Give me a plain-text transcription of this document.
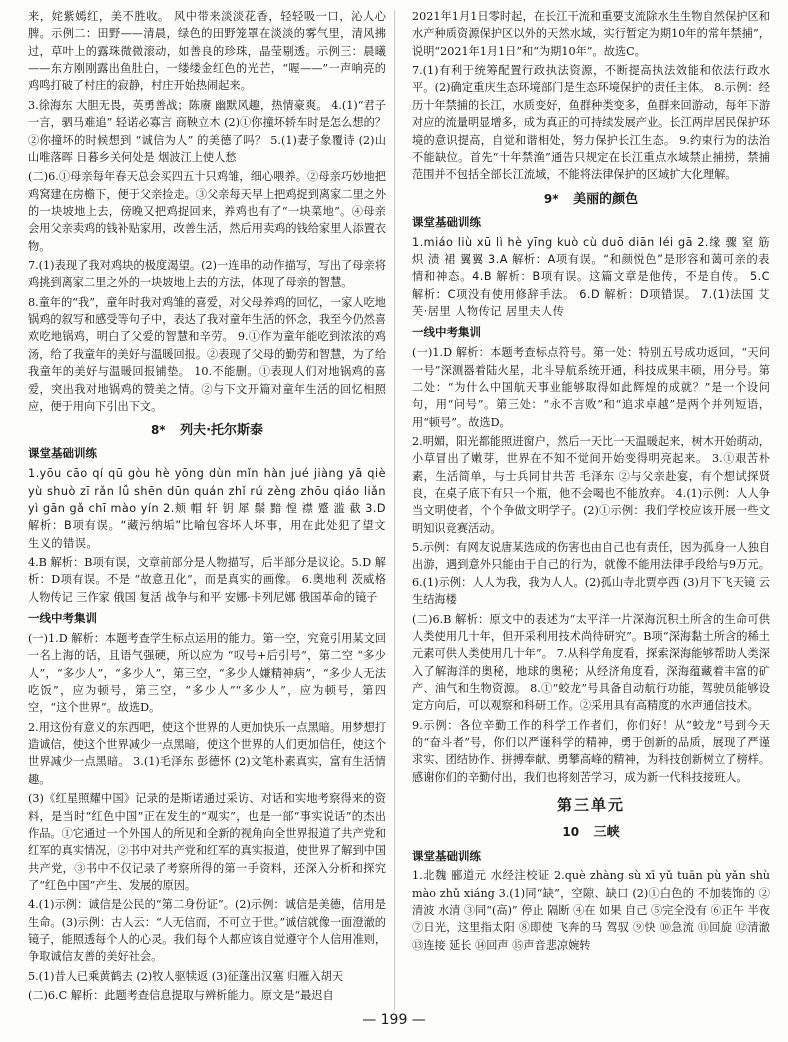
来，姹紫嫣红，美不胜收。 风中带来淡淡花香，轻轻吸一口，沁人心脾。示例二：田野——清晨，绿色的田野笼罩在淡淡的雾气里，清风拂过，草叶上的露珠微微滚动，如善良的珍珠，晶莹剔透。示例三：晨曦——东方刚刚露出鱼肚白，一缕缕金红色的光芒，“喔——”一声响亮的鸡鸣打破了村庄的寂静，村庄开始热闹起来。

3.徐海东 大胆无畏，英勇善战；陈赓 幽默风趣，热情豪爽。 4.(1)“君子一言，驷马难追” 轻诺必寡言 商鞅立木 (2)①你撞坏轿车时是怎么想的？②你撞坏的时候想到 “诚信为人” 的美德了吗？ 5.(1)妻子象覆诗 (2)山山唯落晖 日暮乡关何处是 烟波江上使人愁

(二)6.①母亲每年春天总会买四五十只鸡雏，细心喂养。②母亲巧妙地把鸡窝建在房檐下，便于父亲捡走。③父亲每天早上把鸡捉到离家二里之外的一块坡地上去，傍晚又把鸡捉回来，养鸡也有了“一块菜地”。④母亲会用父亲卖鸡的钱补贴家用，改善生活，然后用卖鸡的钱给家里人添置衣物。

7.(1)表现了我对鸡块的极度渴望。(2)一连串的动作描写，写出了母亲将鸡挑到离家二里之外的一块坡地上去的方法，体现了母亲的智慧。

8.童年的“我”，童年时我对鸡雏的喜爱，对父母养鸡的回忆，一家人吃地锅鸡的叙写和感受等句子中，表达了我对童年生活的怀念，我至今仍然喜欢吃地锅鸡，明白了父爱的智慧和辛劳。 9.①作为童年能吃到浓浓的鸡汤，给了我童年的美好与温暖回报。②表现了父母的勤劳和智慧，为了给我童年的美好与温暖回报铺垫。 10.不能删。①表现人们对地锅鸡的喜爱，突出我对地锅鸡的赞美之情。②与下文开篇对童年生活的回忆相照应，便于用向下引出下文。

8* 列夫·托尔斯泰
课堂基础训练

1.yōu cāo qí qū gòu hè yōng dùn mǐn hàn jué jiàng yā qiè yù shuò zī rǎn lǚ shēn dūn quán zhǐ rú zèng zhōu qiáo liǎn yì gān gǎ chī mào yín 2.颊 帽 轩 钥 犀 鬃 黯 惶 襟 蹙 滥 截 3.D 解析：B项有误。“藏污纳垢”比喻包容坏人坏事，用在此处犯了望文生义的错误。

4.B 解析：B项有误，文章前部分是人物描写，后半部分是议论。5.D 解析：D项有误。不是 “故意丑化”，而是真实的画像。 6.奥地利 茨威格 人物传记 三作家 俄国 复活 战争与和平 安娜·卡列尼娜 俄国革命的镜子

一线中考集训

(一)1.D 解析：本题考查学生标点运用的能力。第一空，究竟引用某文回一名上海的话，且语气强硬，所以应为 “叹号+后引号”，第二空 “多少人”，“多少人”，“多少人”，第三空，“多少人嫌精神病”，“多少人无法吃饭”，应为顿号，第三空，“多少人”“多少人”，应为顿号，第四空，“这个世界”。故选D。

2.用这份有意义的东西吧，使这个世界的人更加快乐一点黑暗。用梦想打造诚信，使这个世界减少一点黑暗，使这个世界的人们更加信任，使这个世界减少一点黑暗。 3.(1)毛泽东 彭德怀 (2)文笔朴素真实，富有生活情趣。

(3)《红星照耀中国》记录的是斯诺通过采访、对话和实地考察得来的资料，是当时“红色中国”正在发生的“观实”，也是一部“事实说话”的杰出作品。①它通过一个外国人的所见和全新的视角向全世界报道了共产党和红军的真实情况，②书中对共产党和红军的真实报道，使世界了解到中国共产党，③书中不仅记录了考察所得的第一手资料，还深入分析和探究了“红色中国”产生、发展的原因。

4.(1)示例：诚信是公民的“第二身份证”。(2)示例：诚信是美德，信用是生命。(3)示例：古人云：“人无信而，不可立于世。”诚信就像一面澄澈的镜子，能照透每个人的心灵。我们每个人都应该自觉遵守个人信用准则，争取诚信友善的美好社会。

5.(1)昔人已乘黄鹤去 (2)牧人驱犊返 (3)征蓬出汉塞 归雁入胡天

(二)6.C 解析：此题考查信息提取与辨析能力。原文是“最迟自

2021年1月1日零时起，在长江干流和重要支流除水生生物自然保护区和水产种质资源保护区以外的天然水域，实行暂定为期10年的常年禁捕”，说明“2021年1月1日”和“为期10年”。故选C。

7.(1)有利于统筹配置行政执法资源，不断提高执法效能和依法行政水平。(2)确定重庆生态环境部门是生态环境保护的责任主体。 8.示例：经历十年禁捕的长江，水质变好，鱼群种类变多，鱼群来回游动，每年下游对应的流量明显增多，成为真正的可持续发展产业。长江两岸居民保护环境的意识提高，自觉和谐相处，努力保护长江生态。 9.约束行为的法治不能缺位。首先“十年禁渔”通告只规定在长江重点水域禁止捕捞，禁捕范围并不包括全部长江流域，不能将法律保护的区域扩大化理解。

9* 美丽的颜色
课堂基础训练

1.miáo liù xū lì hè yīng kuò cù duō diān léi gā 2.缘 骤 窒 筋 炽 渍 裙 翼翼 3.A 解析：A项有误。“和颜悦色”是形容和蔼可亲的表情和神态。4.B 解析：B项有误。这篇文章是他传，不是自传。 5.C 解析：C项没有使用修辞手法。 6.D 解析：D项错误。 7.(1)法国 艾芙·居里 人物传记 居里夫人传

一线中考集训

(一)1.D 解析：本题考查标点符号。第一处：特别五号成功返回，“天问一号”深测器着陆火星，北斗导航系统开通，科技成果丰硕，用分号。第二处：“为什么中国航天事业能够取得如此辉煌的成就？”是一个设问句，用“问号”。第三处：“永不言败”和“追求卓越”是两个并列短语，用“顿号”。故选D。

2.明媚，阳光都能照进窗户，然后一天比一天温暖起来，树木开始萌动，小草冒出了嫩芽，世界在不知不觉间开始变得明亮起来。 3.①艰苦朴素，生活简单，与士兵同甘共苦 毛泽东 ②与父亲赴宴，有个想试探贤良，在桌子底下有只一个瓶，他不会喝也不能放弃。 4.(1)示例：人人争当文明使者，个个争做文明学子。(2)①示例：我们学校应该开展一些文明知识竞赛活动。

5.示例：有网友说唐某选成的伤害也由自己也有责任，因为孤身一人独自出游，遇到意外只能由于自己的行为，就像不能用法律手段给与9万元。 6.(1)示例：人人为我，我为人人。(2)孤山寺北贾亭西 (3)月下飞天镜 云生结海楼

(二)6.B 解析：原文中的表述为“太平洋一片深海沉积土所含的生命可供人类使用几十年，但开采利用技术尚待研究”。B项“深海黏土所含的稀土元素可供人类使用几十年”。 7.从科学角度看，探索深海能够帮助人类深入了解海洋的奥秘，地球的奥秘；从经济角度看，深海蕴藏着丰富的矿产、油气和生物资源。 8.①“蛟龙”号具备自动航行功能，驾驶员能够设定方向后，可以观察和科研工作。②采用具有高精度的水声通信技术。

9.示例：各位辛勤工作的科学工作者们，你们好！从“蛟龙”号到今天的“奋斗者”号，你们以严谨科学的精神，勇于创新的品质，展现了严谨求实、团结协作、拼搏奉献、勇攀高峰的精神，为科技创新树立了榜样。感谢你们的辛勤付出，我们也将刻苦学习，成为新一代科技接班人。

第三单元
10 三峡
课堂基础训练

1.北魏 郦道元 水经注校证 2.què zhàng sù xī yǔ tuān pù yǎn shù mào zhǔ xiáng 3.(1)同“缺”，空隙、缺口 (2)①白色的 不加装饰的 ②清波 水清 ③同“(高)” 停止 隔断 ④在 如果 自己 ⑤完全没有 ⑥正午 半夜 ⑦日光，这里指太阳 ⑧即使 飞奔的马 驾驭 ⑨快 ⑩急流 ⑪回旋 ⑫清澈 ⑬连接 延长 ⑭回声 ⑮声音悲凉婉转

— 199 —
